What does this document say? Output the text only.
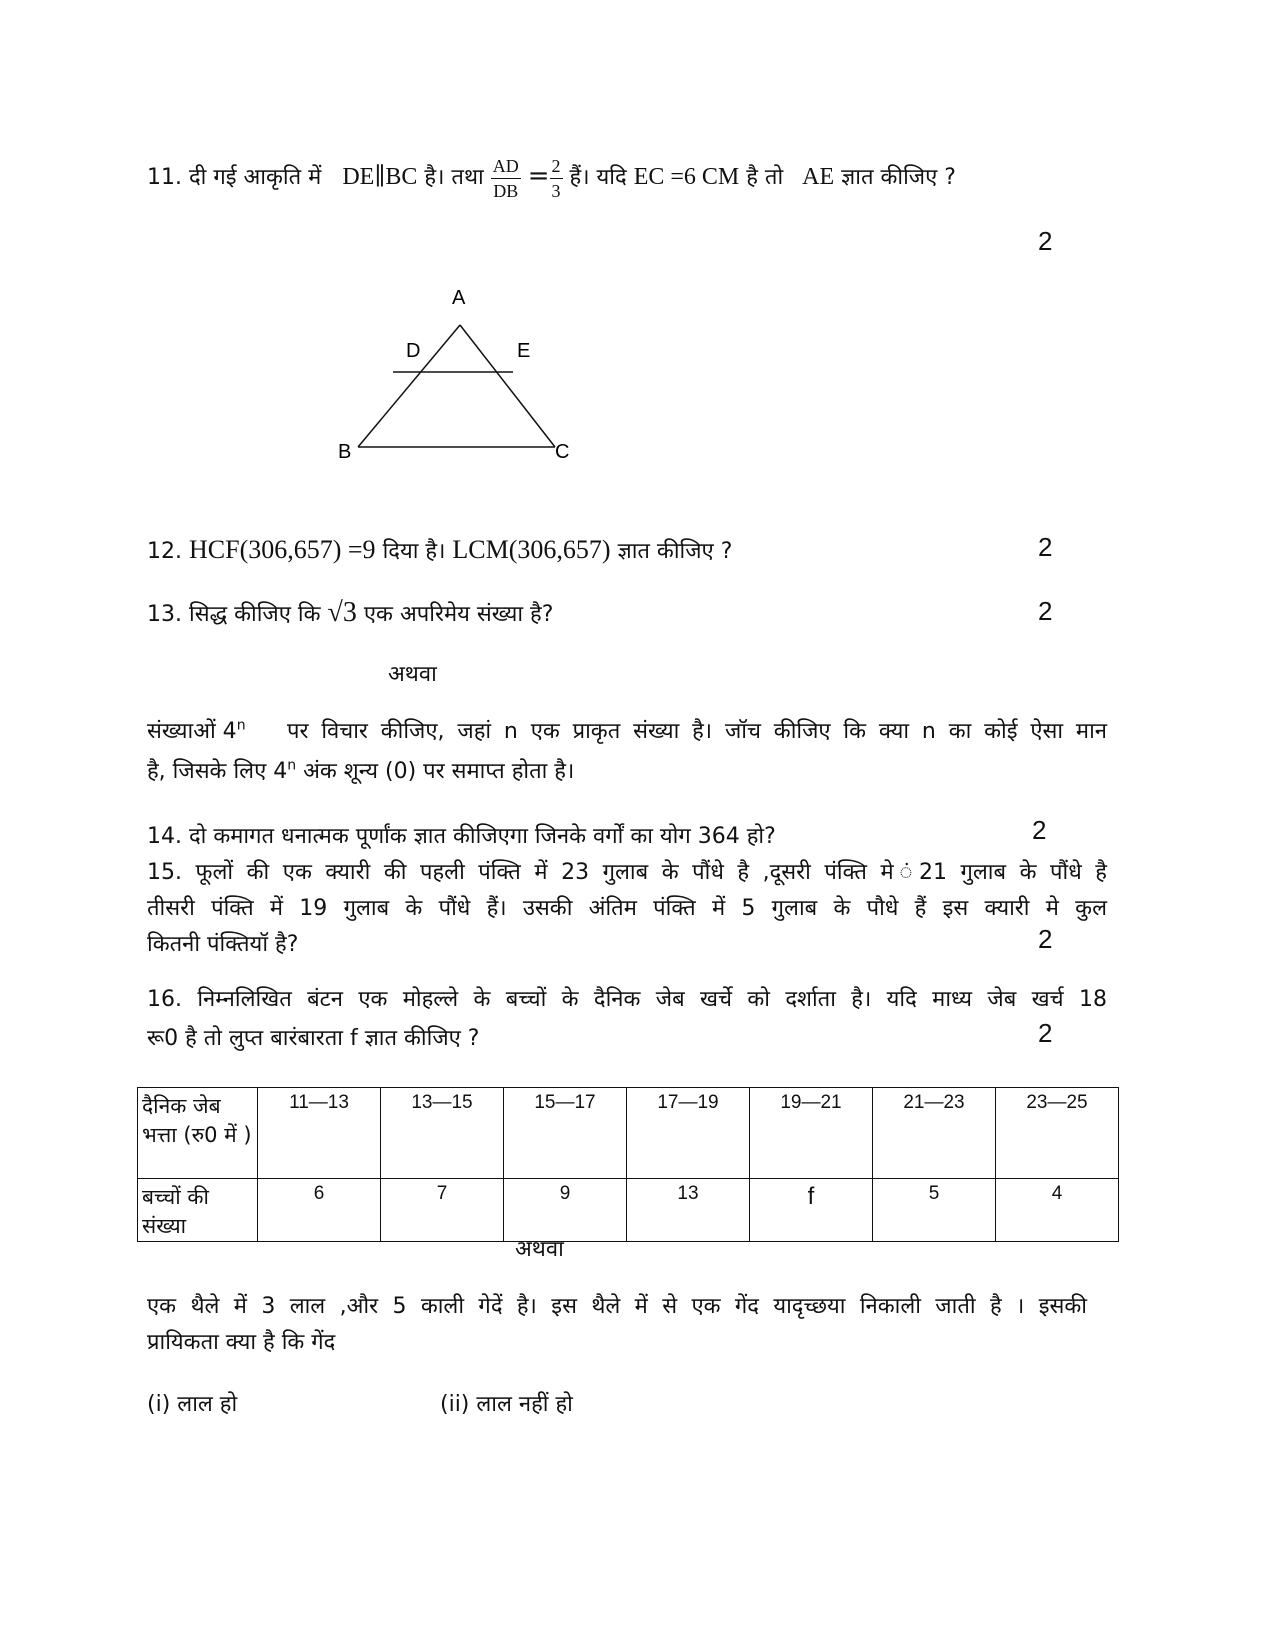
11. दी गई आकृति में DE∥BC है। तथा $\frac{AD}{DB} = \frac{2}{3}$ हैं। यदि EC =6 CM है तो AE ज्ञात कीजिए ?
2
A
D	E
B	C
12. HCF(306,657) =9 दिया है। LCM(306,657) ज्ञात कीजिए ?	2
13. सिद्ध कीजिए कि √3 एक अपरिमेय संख्या है?	2
अथवा
संख्याओं 4$^n$ पर विचार कीजिए, जहां n एक प्राकृत संख्या है। जॉच कीजिए कि क्या n का कोई ऐसा मान
है, जिसके लिए 4$^n$ अंक शून्य (0) पर समाप्त होता है।
14. दो कमागत धनात्मक पूर्णांक ज्ञात कीजिएगा जिनके वर्गों का योग 364 हो?	2
15. फूलों की एक क्यारी की पहली पंक्ति में 23 गुलाब के पौंधे है ,दूसरी पंक्ति मे ं21 गुलाब के पौंधे है
तीसरी पंक्ति में 19 गुलाब के पौंधे हैं। उसकी अंतिम पंक्ति में 5 गुलाब के पौधे हैं इस क्यारी मे कुल
कितनी पंक्तियॉ है?	2
16. निम्नलिखित बंटन एक मोहल्ले के बच्चों के दैनिक जेब खर्चे को दर्शाता है। यदि माध्य जेब खर्च 18
रू0 है तो लुप्त बारंबारता f ज्ञात कीजिए ?	2
दैनिक जेब भत्ता (रु0 में )	11—13	13—15	15—17	17—19	19—21	21—23	23—25
बच्चों की संख्या	6	7	9	13	f	5	4
अथवा
एक थैले में 3 लाल ,और 5 काली गेदें है। इस थैले में से एक गेंद यादृच्छया निकाली जाती है । इसकी
प्रायिकता क्या है कि गेंद
(i) लाल हो	(ii) लाल नहीं हो
